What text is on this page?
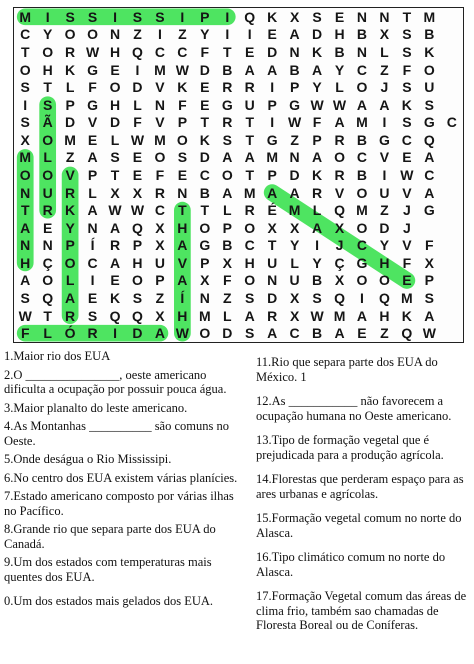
M	I	S S	I	S S	I	P	I	Q K X S E N N T M
C Y O O N Z	I	Z Y	I	I	E A D H B X S B
T O R W H Q C C F T E D N K B N L S K
O H K G E	I	M W D B A A B A Y C Z F O
S T L F O D V K E R R	I	P Y L O J S U
I	S P G H L N F E G U P G W W A A K S
S Ã D V D F V P T R T	I W F A M	I	S G C
X O M E L W M O K S T G Z P R B G C Q
M L Z A S E O S D A A M N A O C V E A
O O V P T E F E C O T P D K R B	I W C
N U R L X X R N B A M A A R V O U V A
T R K A W W C T T L R É M L Q M Z	J G
A E Y N A Q X H O P O X X A X O D J
N N P	Í	R P X A G B C T Y	I	J C Y V F
H Ç O C A H U V P X H U L Y Ç G H F X
A O L	I	E O P A X F O N U B X O O E P
S Q A E K S Z	Í	N Z S D X S Q	I	Q M S
W T R S Q Q X H M L A R X W M A H K A
F L Ó R	I	D A W O D S A C B A E Z Q W

1.Maior rio dos EUA

2.O _______________, oeste americano dificulta a ocupação por possuir pouca água.

3.Maior planalto do leste americano.

4.As Montanhas __________ são comuns no Oeste.

5.Onde deságua o Rio Mississipi.

6.No centro dos EUA existem várias planícies.

7.Estado americano composto por várias ilhas no Pacífico.

8.Grande rio que separa parte dos EUA do Canadá.

9.Um dos estados com temperaturas mais quentes dos EUA.

0.Um dos estados mais gelados dos EUA.

11.Rio que separa parte dos EUA do México. 1

12.As ___________ não favorecem a ocupação humana no Oeste americano.

13.Tipo de formação vegetal que é prejudicada para a produção agrícola.

14.Florestas que perderam espaço para as ares urbanas e agrícolas.

15.Formação vegetal comum no norte do Alasca.

16.Tipo climático comum no norte do Alasca.

17.Formação Vegetal comum das áreas de clima frio, também sao chamadas de Floresta Boreal ou de Coníferas.
